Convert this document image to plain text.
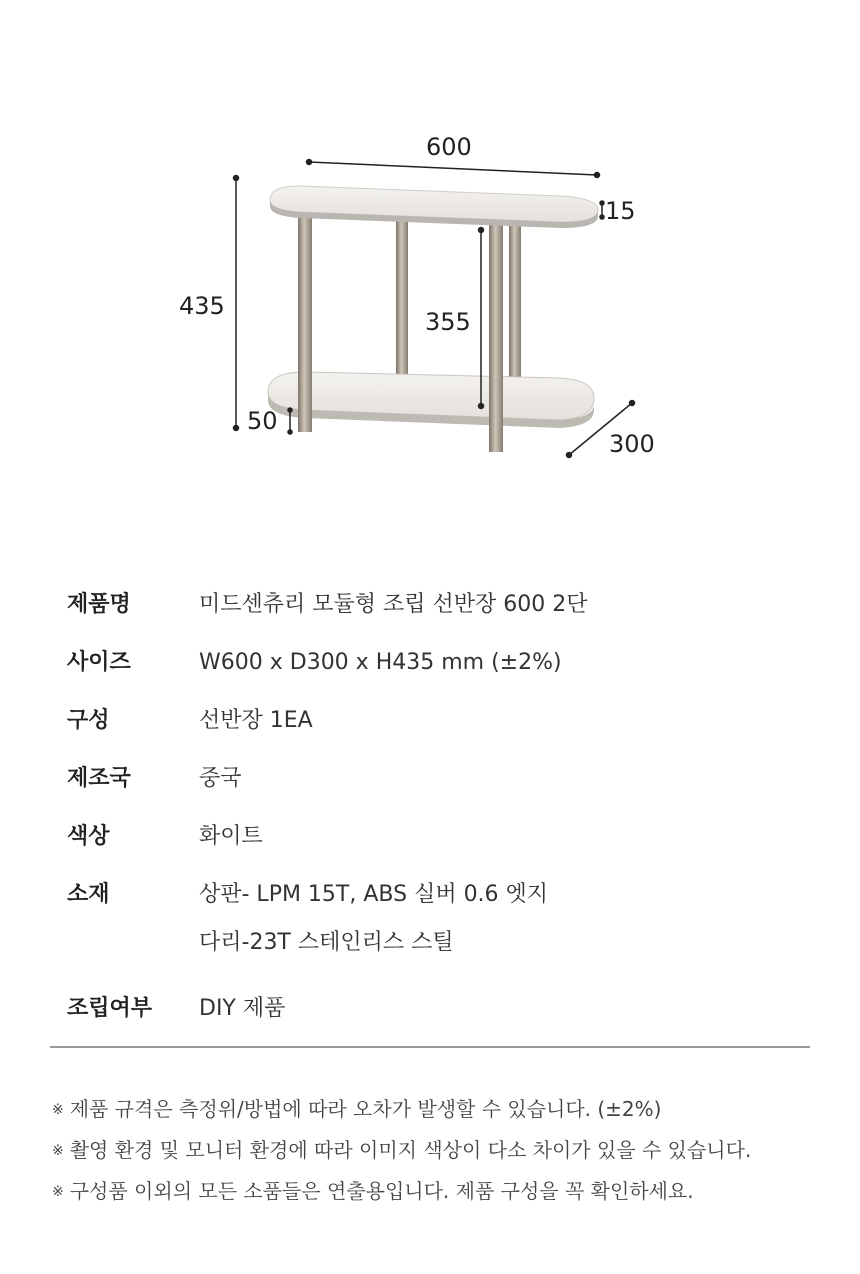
600
435
15
355
50
300
제품명	미드센츄리 모듈형 조립 선반장 600 2단
사이즈	W600 x D300 x H435 mm (±2%)
구성	선반장 1EA
제조국	중국
색상	화이트
소재	상판- LPM 15T, ABS 실버 0.6 엣지
다리-23T 스테인리스 스틸
조립여부	DIY 제품
※ 제품 규격은 측정위/방법에 따라 오차가 발생할 수 있습니다. (±2%)
※ 촬영 환경 및 모니터 환경에 따라 이미지 색상이 다소 차이가 있을 수 있습니다.
※ 구성품 이외의 모든 소품들은 연출용입니다. 제품 구성을 꼭 확인하세요.
